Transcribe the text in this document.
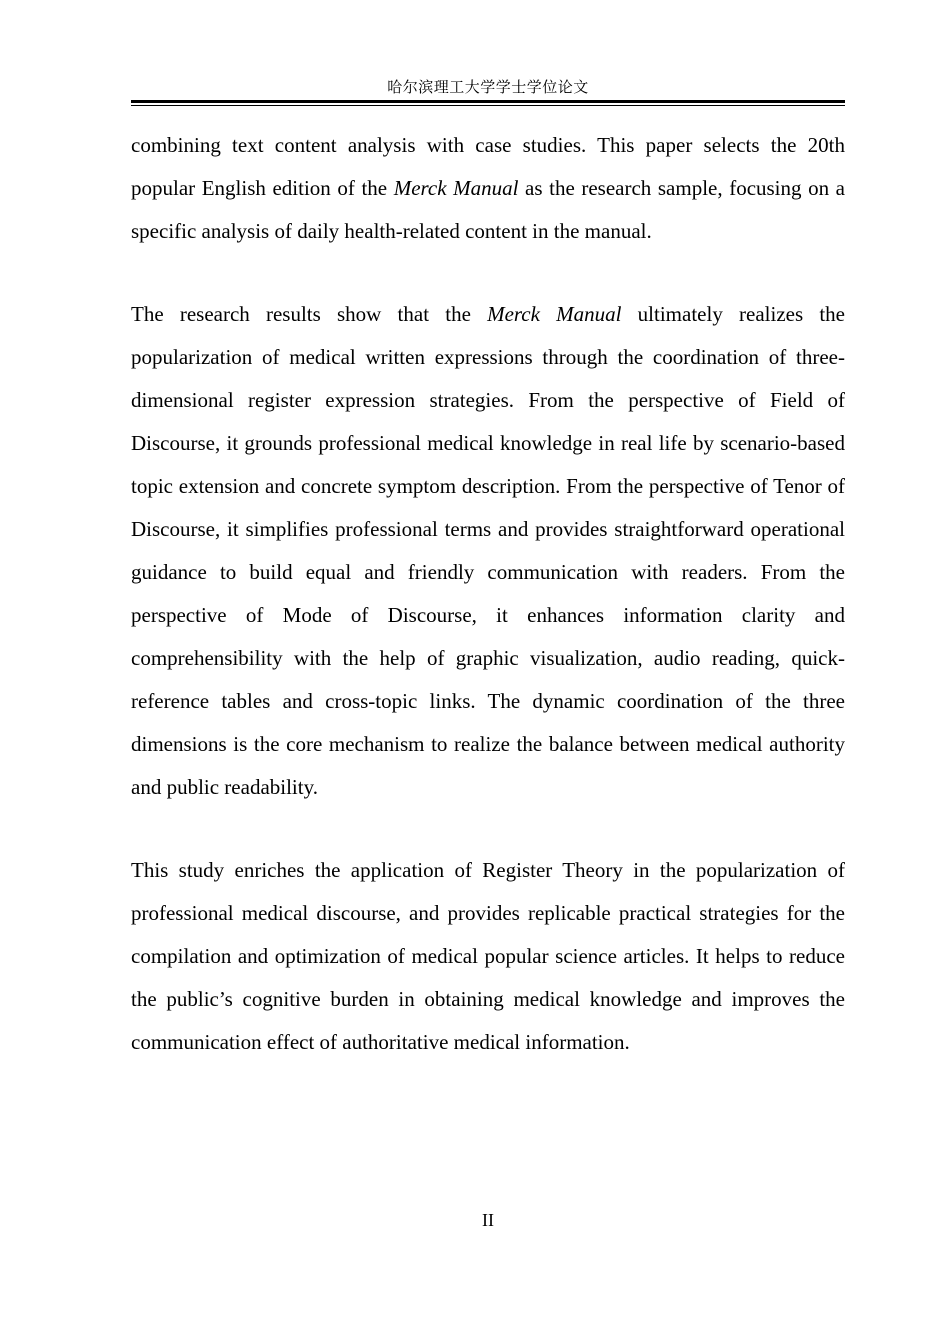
哈尔滨理工大学学士学位论文

combining text content analysis with case studies. This paper selects the 20th popular English edition of the Merck Manual as the research sample, focusing on a specific analysis of daily health-related content in the manual.

The research results show that the Merck Manual ultimately realizes the popularization of medical written expressions through the coordination of three-dimensional register expression strategies. From the perspective of Field of Discourse, it grounds professional medical knowledge in real life by scenario-based topic extension and concrete symptom description. From the perspective of Tenor of Discourse, it simplifies professional terms and provides straightforward operational guidance to build equal and friendly communication with readers. From the perspective of Mode of Discourse, it enhances information clarity and comprehensibility with the help of graphic visualization, audio reading, quick-reference tables and cross-topic links. The dynamic coordination of the three dimensions is the core mechanism to realize the balance between medical authority and public readability.

This study enriches the application of Register Theory in the popularization of professional medical discourse, and provides replicable practical strategies for the compilation and optimization of medical popular science articles. It helps to reduce the public’s cognitive burden in obtaining medical knowledge and improves the communication effect of authoritative medical information.

II
